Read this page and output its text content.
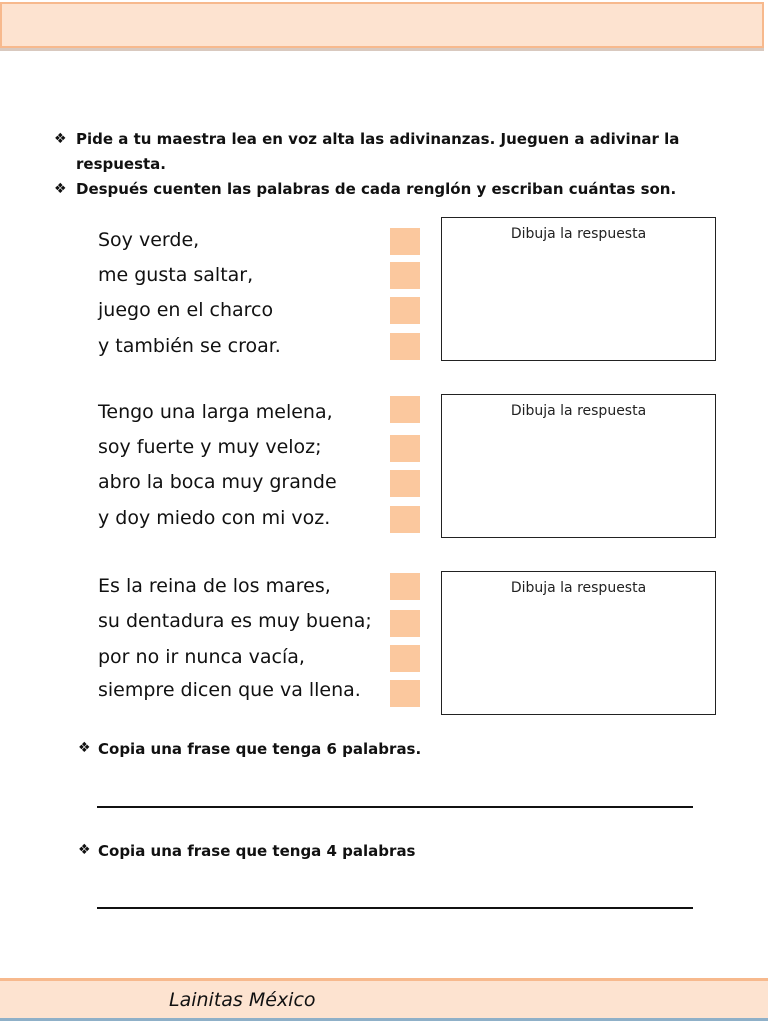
❖ Pide a tu maestra lea en voz alta las adivinanzas. Jueguen a adivinar la respuesta.
❖ Después cuenten las palabras de cada renglón y escriban cuántas son.
Soy verde,
me gusta saltar,
juego en el charco
y también se croar.
Dibuja la respuesta
Tengo una larga melena,
soy fuerte y muy veloz;
abro la boca muy grande
y doy miedo con mi voz.
Dibuja la respuesta
Es la reina de los mares,
su dentadura es muy buena;
por no ir nunca vacía,
siempre dicen que va llena.
Dibuja la respuesta
❖ Copia una frase que tenga 6 palabras.
❖ Copia una frase que tenga 4 palabras
Lainitas México
